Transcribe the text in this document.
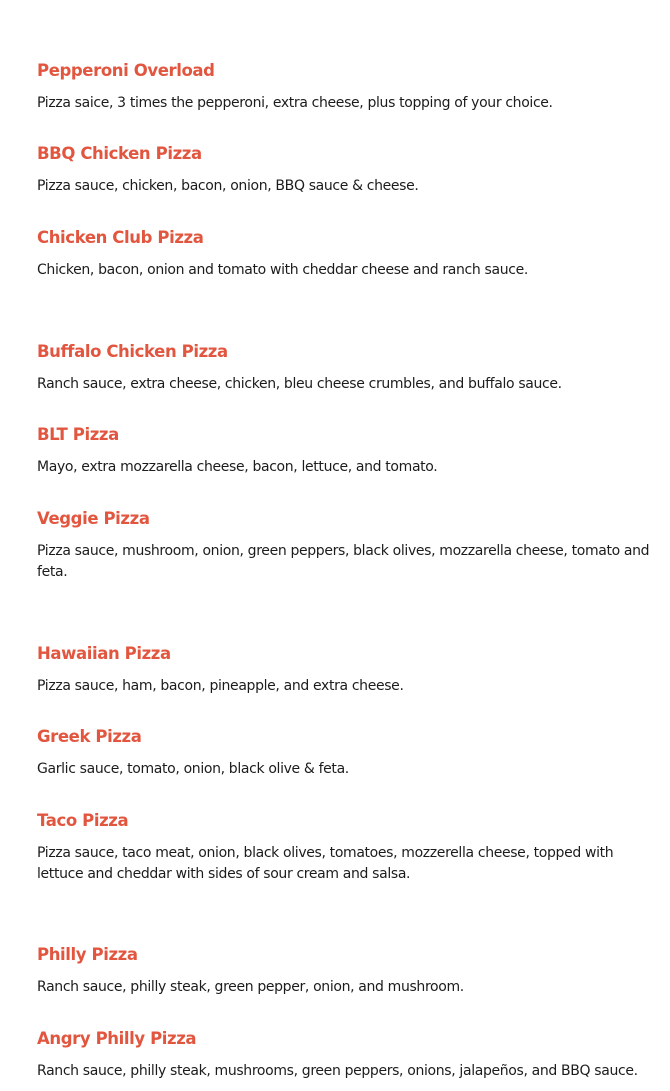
Pepperoni Overload

Pizza saice, 3 times the pepperoni, extra cheese, plus topping of your choice.

BBQ Chicken Pizza

Pizza sauce, chicken, bacon, onion, BBQ sauce & cheese.

Chicken Club Pizza

Chicken, bacon, onion and tomato with cheddar cheese and ranch sauce.

Buffalo Chicken Pizza

Ranch sauce, extra cheese, chicken, bleu cheese crumbles, and buffalo sauce.

BLT Pizza

Mayo, extra mozzarella cheese, bacon, lettuce, and tomato.

Veggie Pizza

Pizza sauce, mushroom, onion, green peppers, black olives, mozzarella cheese, tomato and feta.

Hawaiian Pizza

Pizza sauce, ham, bacon, pineapple, and extra cheese.

Greek Pizza

Garlic sauce, tomato, onion, black olive & feta.

Taco Pizza

Pizza sauce, taco meat, onion, black olives, tomatoes, mozzerella cheese, topped with lettuce and cheddar with sides of sour cream and salsa.

Philly Pizza

Ranch sauce, philly steak, green pepper, onion, and mushroom.

Angry Philly Pizza

Ranch sauce, philly steak, mushrooms, green peppers, onions, jalapeños, and BBQ sauce.
